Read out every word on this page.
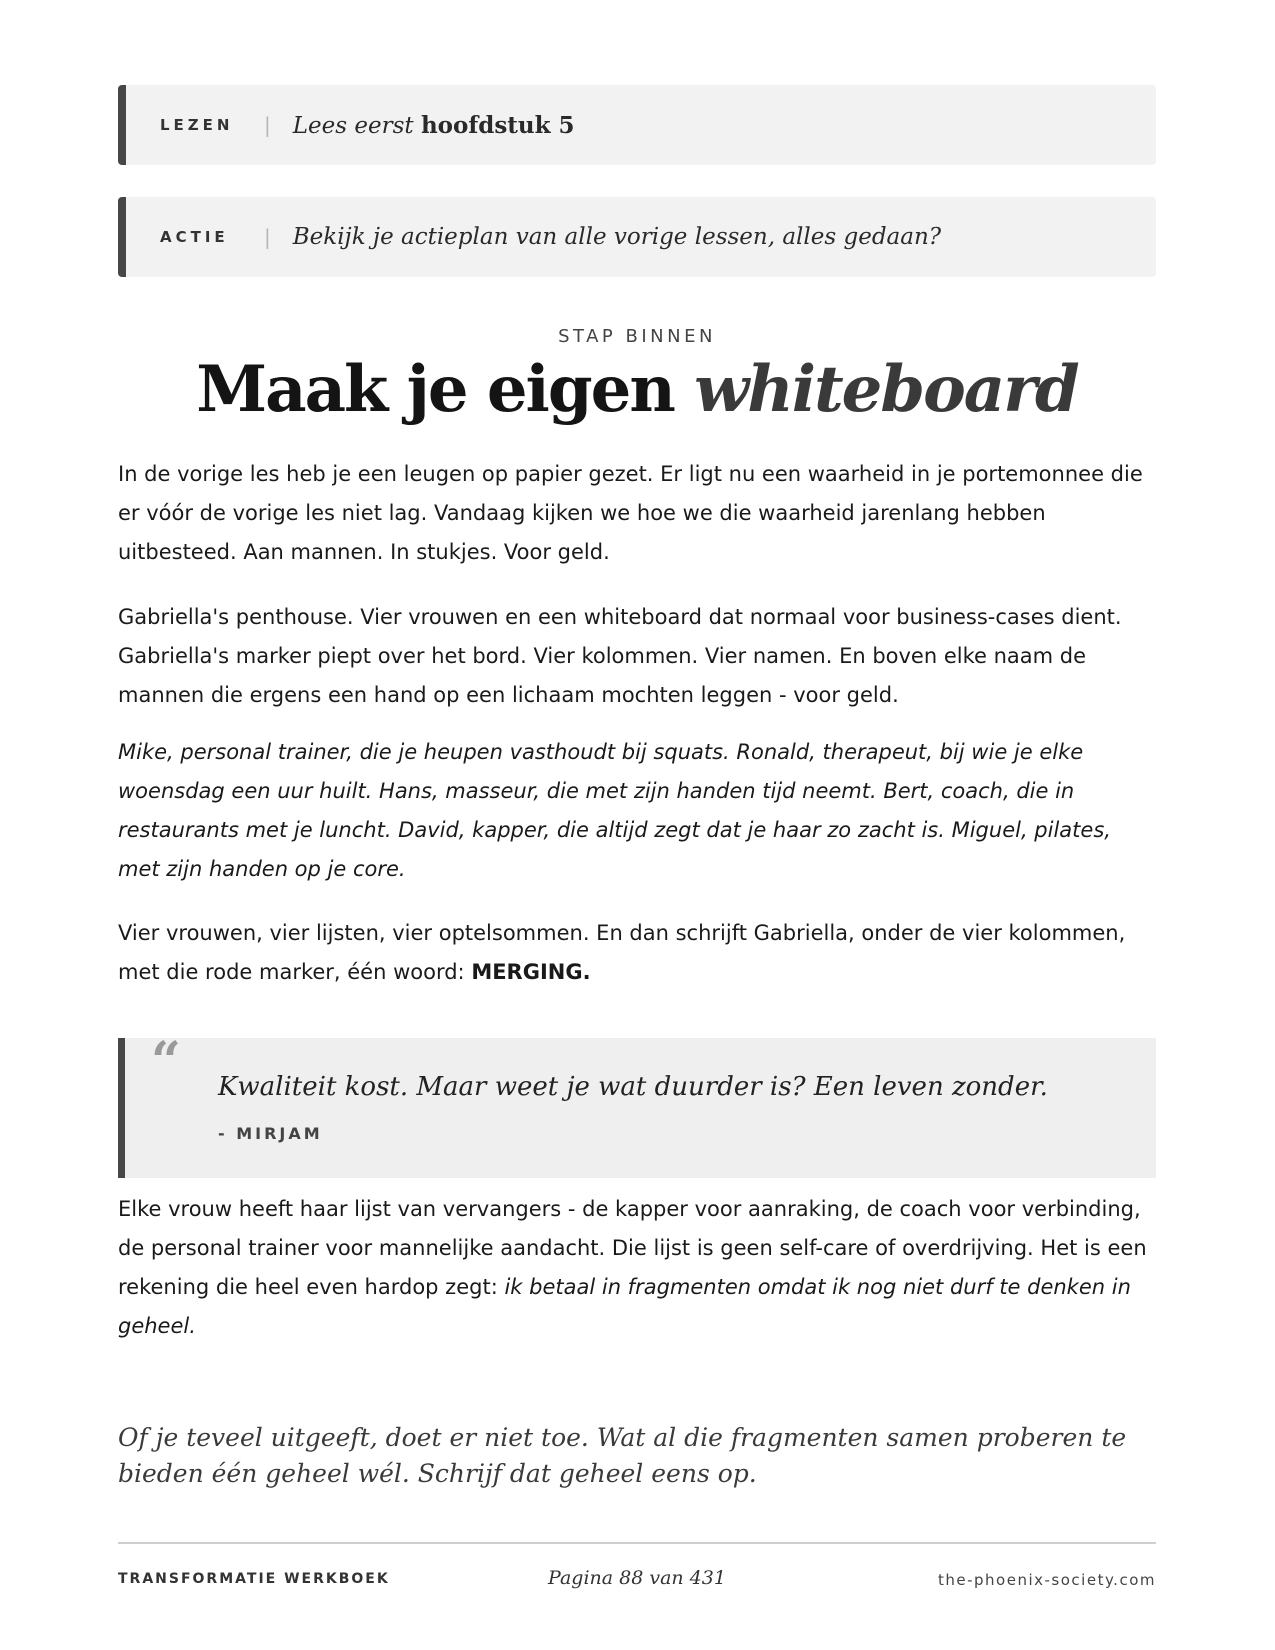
LEZEN	| Lees eerst hoofdstuk 5
ACTIE	| Bekijk je actieplan van alle vorige lessen, alles gedaan?
STAP BINNEN
Maak je eigen whiteboard
In de vorige les heb je een leugen op papier gezet. Er ligt nu een waarheid in je portemonnee die er vóór de vorige les niet lag. Vandaag kijken we hoe we die waarheid jarenlang hebben uitbesteed. Aan mannen. In stukjes. Voor geld.
Gabriella's penthouse. Vier vrouwen en een whiteboard dat normaal voor business-cases dient. Gabriella's marker piept over het bord. Vier kolommen. Vier namen. En boven elke naam de mannen die ergens een hand op een lichaam mochten leggen - voor geld.
Mike, personal trainer, die je heupen vasthoudt bij squats. Ronald, therapeut, bij wie je elke woensdag een uur huilt. Hans, masseur, die met zijn handen tijd neemt. Bert, coach, die in restaurants met je luncht. David, kapper, die altijd zegt dat je haar zo zacht is. Miguel, pilates, met zijn handen op je core.
Vier vrouwen, vier lijsten, vier optelsommen. En dan schrijft Gabriella, onder de vier kolommen, met die rode marker, één woord: MERGING.
“ Kwaliteit kost. Maar weet je wat duurder is? Een leven zonder.
- MIRJAM
Elke vrouw heeft haar lijst van vervangers - de kapper voor aanraking, de coach voor verbinding, de personal trainer voor mannelijke aandacht. Die lijst is geen self-care of overdrijving. Het is een rekening die heel even hardop zegt: ik betaal in fragmenten omdat ik nog niet durf te denken in geheel.
Of je teveel uitgeeft, doet er niet toe. Wat al die fragmenten samen proberen te bieden één geheel wél. Schrijf dat geheel eens op.
TRANSFORMATIE WERKBOEK	Pagina 88 van 431	the-phoenix-society.com
